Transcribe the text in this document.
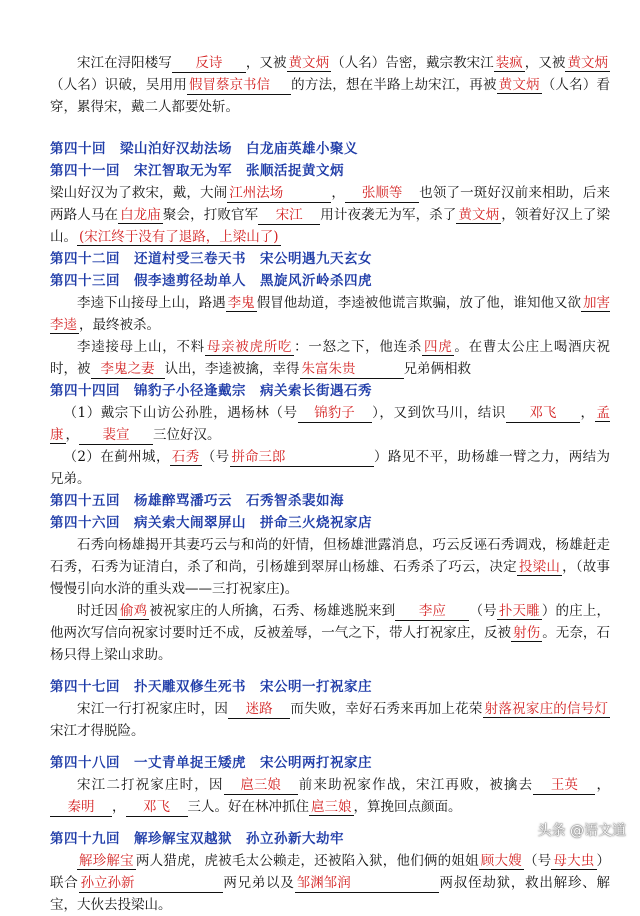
宋江在浔阳楼写 反诗 ，又被 黄文炳 （人名）告密，戴宗教宋江 装疯 ，又被 黄文炳（人名）识破，吴用用 假冒蔡京书信 的方法，想在半路上劫宋江，再被 黄文炳 （人名）看穿，累得宋，戴二人都要处斩。

第四十回　梁山泊好汉劫法场　白龙庙英雄小聚义

第四十一回　宋江智取无为军　张顺活捉黄文炳

梁山好汉为了救宋，戴，大闹 江州法场	， 张顺等 也领了一斑好汉前来相助，后来两路人马在 白龙庙 聚会，打败官军 宋江 用计夜袭无为军，杀了 黄文炳 ，领着好汉上了梁山。 (宋江终于没有了退路，上梁山了)

第四十二回　还道村受三卷天书　宋公明遇九天玄女

第四十三回　假李逵剪径劫单人　黑旋风沂岭杀四虎

李逵下山接母上山，路遇 李鬼 假冒他劫道，李逵被他谎言欺骗，放了他，谁知他又欲 加害李逵 ，最终被杀。

李逵接母上山，不料 母亲被虎所吃 ：一怒之下，他连杀 四虎 。在曹太公庄上喝酒庆祝时，被 李鬼之妻 认出，李逵被擒，幸得 朱富朱贵	兄弟俩相救

第四十四回　锦豹子小径逢戴宗　病关索长街遇石秀

（1）戴宗下山访公孙胜，遇杨林（号 锦豹子 ），又到饮马川，结识 邓飞 ， 孟康 ， 裴宣 三位好汉。

（2）在蓟州城， 石秀 （号 拼命三郎	）路见不平，助杨雄一臂之力，两结为兄弟。

第四十五回　杨雄醉骂潘巧云　石秀智杀裴如海

第四十六回　病关索大闹翠屏山　拼命三火烧祝家店

石秀向杨雄揭开其妻巧云与和尚的奸情，但杨雄泄露消息，巧云反诬石秀调戏，杨雄赶走石秀，石秀为证清白，杀了和尚，引杨雄到翠屏山杨雄、石秀杀了巧云，决定 投梁山 ，（故事慢慢引向水浒的重头戏——三打祝家庄)。

时迁因 偷鸡 被祝家庄的人所擒，石秀、杨雄逃脱来到 李应 （号 扑天雕 ）的庄上，他两次写信向祝家讨要时迁不成，反被羞辱，一气之下，带人打祝家庄，反被 射伤 。无奈，石杨只得上梁山求助。

第四十七回　扑天雕双修生死书　宋公明一打祝家庄

宋江一行打祝家庄时，因 迷路 而失败，幸好石秀来再加上花荣 射落祝家庄的信号灯宋江才得脱险。

第四十八回　一丈青单捉王矮虎　宋公明两打祝家庄

宋江二打祝家庄时，因 扈三娘 前来助祝家作战，宋江再败，被擒去 王英 ，秦明 ， 邓飞 三人。好在林冲抓住 扈三娘 ，算挽回点颜面。

第四十九回　解珍解宝双越狱　孙立孙新大劫牢

解珍解宝 两人猎虎，虎被毛太公赖走，还被陷入狱，他们俩的姐姐 顾大嫂 （号 母大虫 ）联合 孙立孙新	两兄弟以及 邹渊邹润	两叔侄劫狱，救出解珍、解宝，大伙去投梁山。

头条 @语文道
